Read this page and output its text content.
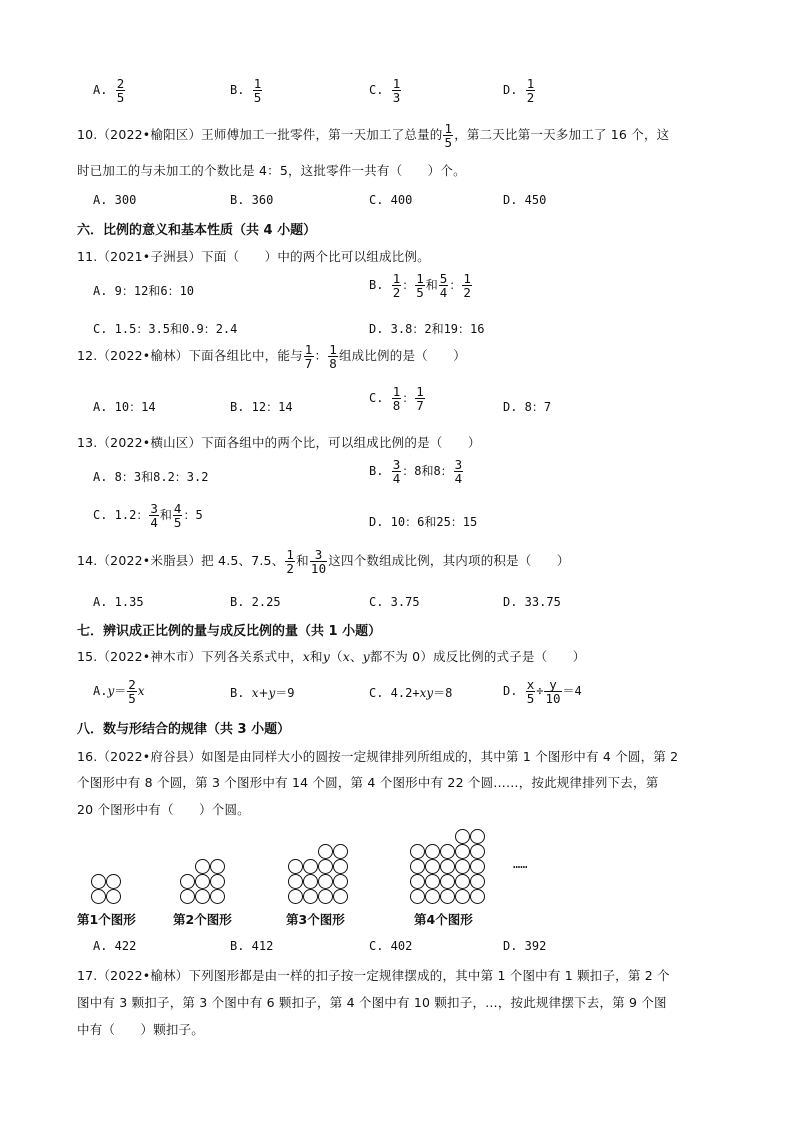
A. $\frac{2}{5}$	B. $\frac{1}{5}$	C. $\frac{1}{3}$	D. $\frac{1}{2}$
10.（2022•榆阳区）王师傅加工一批零件，第一天加工了总量的 $\frac{1}{5}$ ，第二天比第一天多加工了 16 个，这
时已加工的与未加工的个数比是 4：5，这批零件一共有（　　）个。
A. 300	B. 360	C. 400	D. 450
六．比例的意义和基本性质（共 4 小题）
11.（2021•子洲县）下面（　　）中的两个比可以组成比例。
A. 9：12和6：10	B. $\frac{1}{2}$ ： $\frac{1}{5}$ 和 $\frac{5}{4}$ ： $\frac{1}{2}$
C. 1.5：3.5和0.9：2.4	D. 3.8：2和19：16
12.（2022•榆林）下面各组比中，能与 $\frac{1}{7}$ ： $\frac{1}{8}$ 组成比例的是（　　）
A. 10：14	B. 12：14
C. $\frac{1}{8}$ ： $\frac{1}{7}$	D. 8：7
13.（2022•横山区）下面各组中的两个比，可以组成比例的是（　　）
A. 8：3和8.2：3.2	B. $\frac{3}{4}$ ：8和8： $\frac{3}{4}$
C. 1.2： $\frac{3}{4}$ 和 $\frac{4}{5}$ ：5	D. 10：6和25：15
14.（2022•米脂县）把 4.5、7.5、 $\frac{1}{2}$ 和 $\frac{3}{10}$ 这四个数组成比例，其内项的积是（　　）
A. 1.35	B. 2.25	C. 3.75	D. 33.75
七．辨识成正比例的量与成反比例的量（共 1 小题）
15.（2022•神木市）下列各关系式中，x和y（x、y都不为 0）成反比例的式子是（　　）
$A.y= \frac{2}{5}$ x	B. x+y＝9	C. 4.2+xy＝8	D. $\frac{x}{5} \div \frac{y}{10} =4$
八．数与形结合的规律（共 3 小题）
16.（2022•府谷县）如图是由同样大小的圆按一定规律排列所组成的，其中第 1 个图形中有 4 个圆，第 2
个图形中有 8 个圆，第 3 个图形中有 14 个圆，第 4 个图形中有 22 个圆……，按此规律排列下去，第
20 个图形中有（　　）个圆。
……
第1个图形	第2个图形	第3个图形	第4个图形
A. 422	B. 412	C. 402	D. 392
17.（2022•榆林）下列图形都是由一样的扣子按一定规律摆成的，其中第 1 个图中有 1 颗扣子，第 2 个
图中有 3 颗扣子，第 3 个图中有 6 颗扣子，第 4 个图中有 10 颗扣子，…，按此规律摆下去，第 9 个图
中有（　　）颗扣子。
